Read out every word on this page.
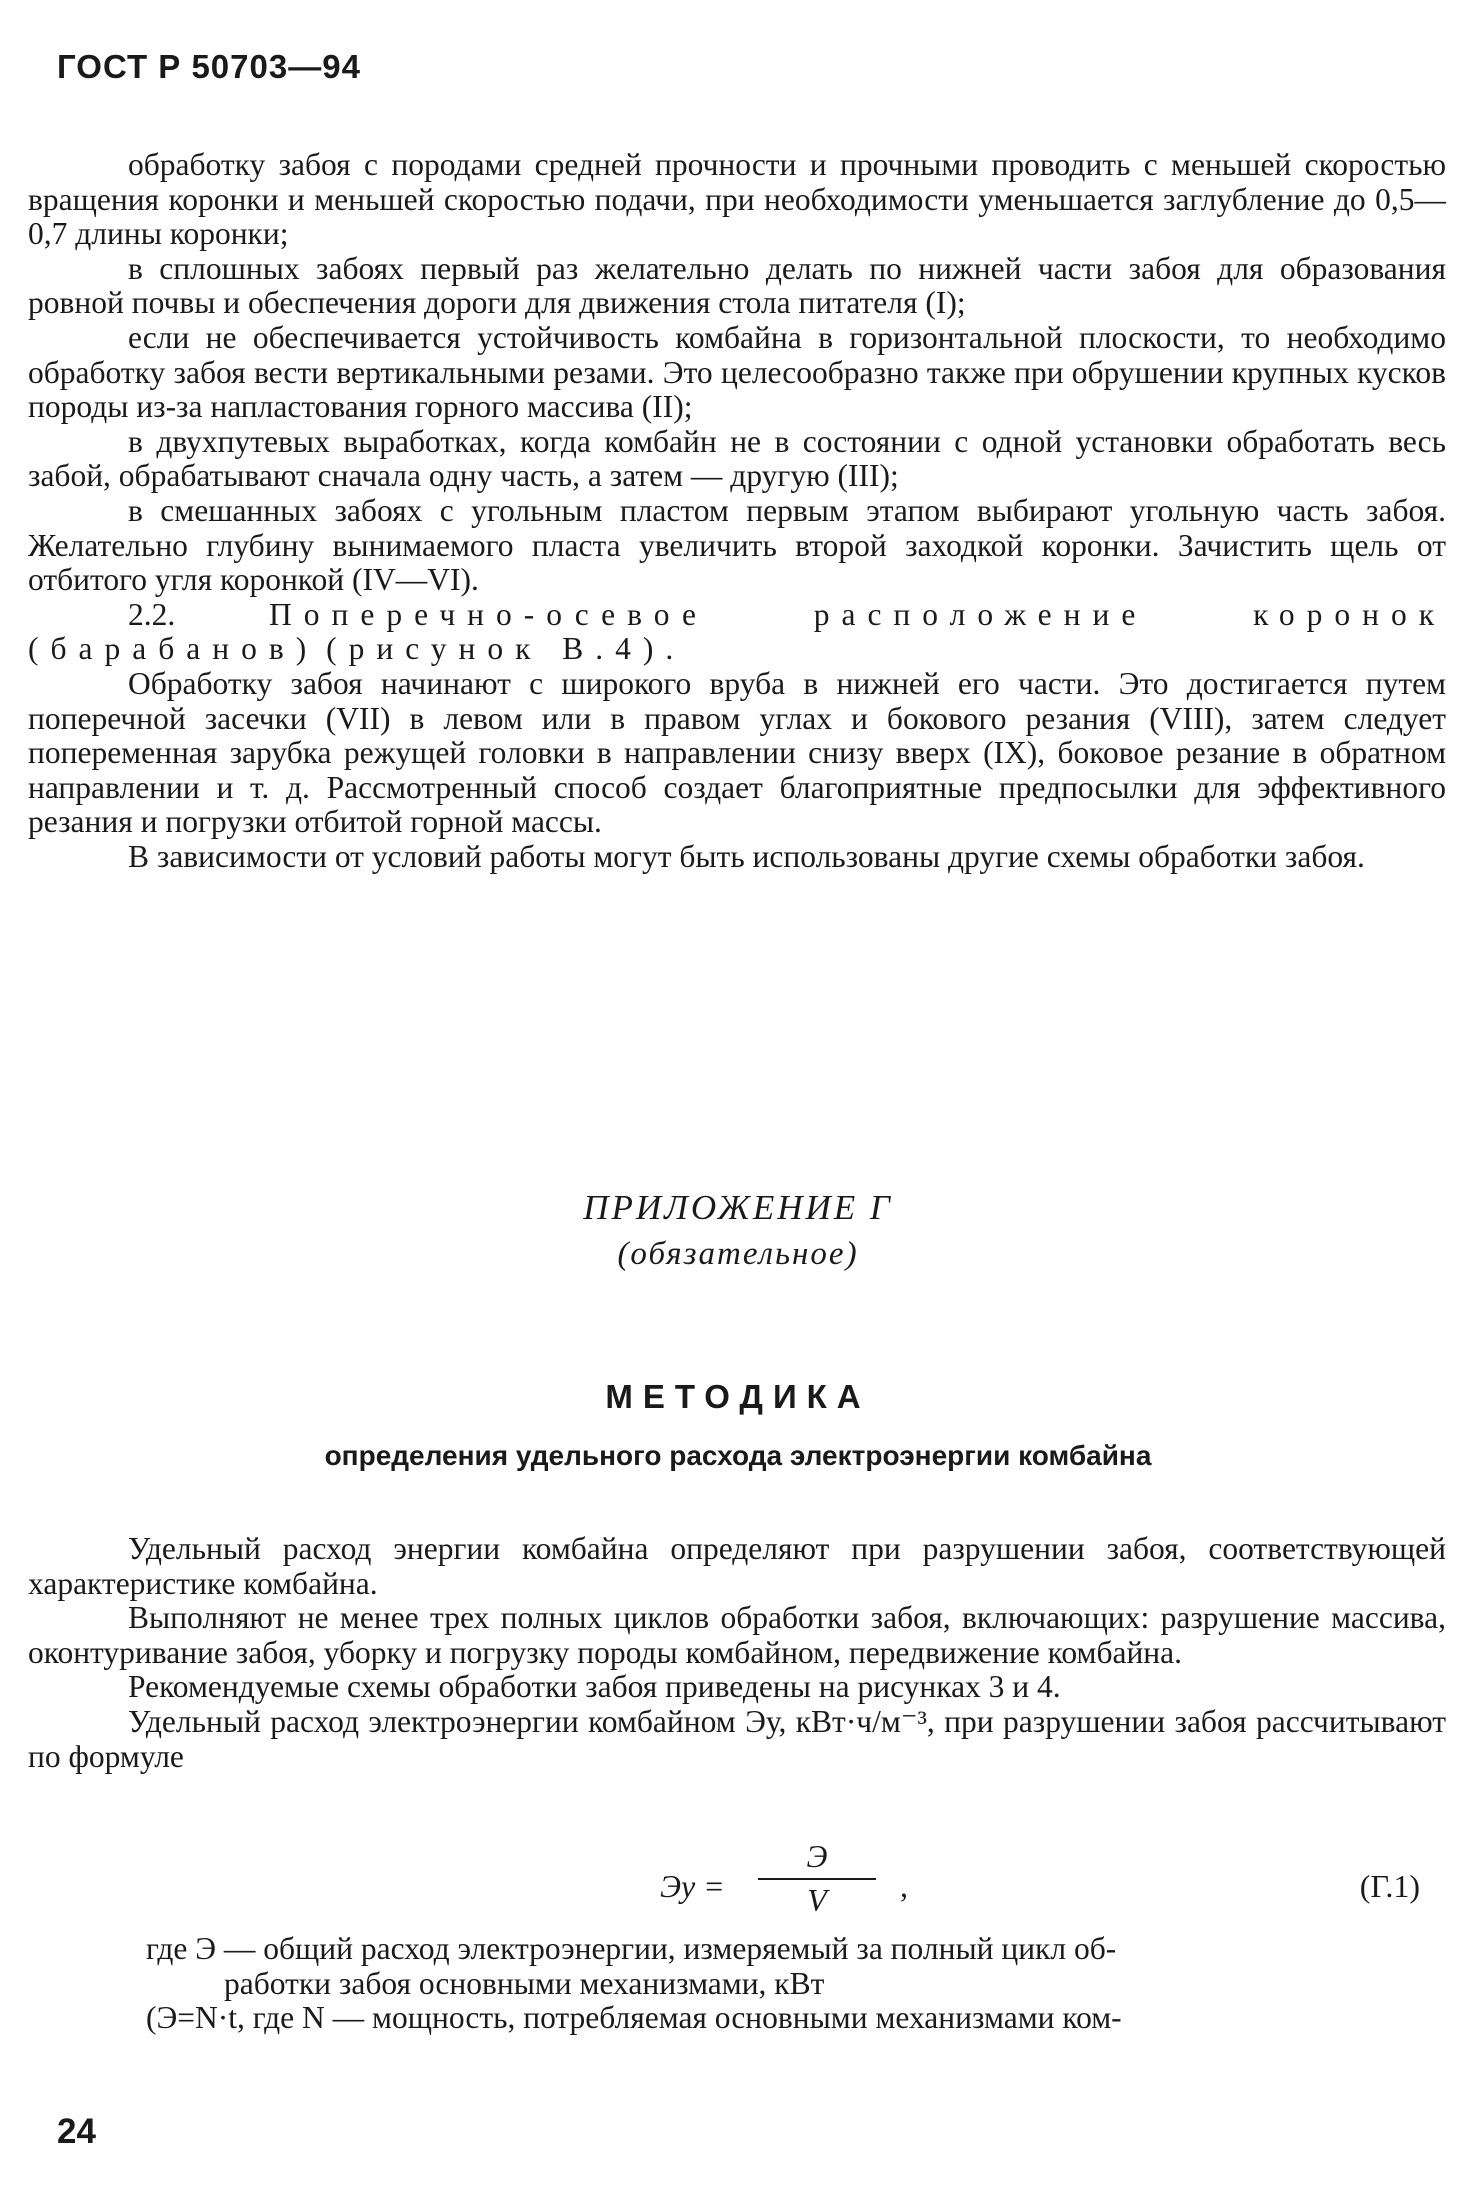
ГОСТ Р 50703—94

обработку забоя с породами средней прочности и прочными проводить с меньшей скоростью вращения коронки и меньшей скоростью подачи, при необходимости уменьшается заглубление до 0,5—0,7 длины коронки;

в сплошных забоях первый раз желательно делать по нижней части забоя для образования ровной почвы и обеспечения дороги для движения стола питателя (I);

если не обеспечивается устойчивость комбайна в горизонтальной плоскости, то необходимо обработку забоя вести вертикальными резами. Это целесообразно также при обрушении крупных кусков породы из-за напластования горного массива (II);

в двухпутевых выработках, когда комбайн не в состоянии с одной установки обработать весь забой, обрабатывают сначала одну часть, а затем — другую (III);

в смешанных забоях с угольным пластом первым этапом выбирают угольную часть забоя. Желательно глубину вынимаемого пласта увеличить второй заходкой коронки. Зачистить щель от отбитого угля коронкой (IV—VI).

2.2.	Поперечно-осевое расположение коронок (барабанов) (рисунок В.4).

Обработку забоя начинают с широкого вруба в нижней его части. Это достигается путем поперечной засечки (VII) в левом или в правом углах и бокового резания (VIII), затем следует попеременная зарубка режущей головки в направлении снизу вверх (IX), боковое резание в обратном направлении и т. д. Рассмотренный способ создает благоприятные предпосылки для эффективного резания и погрузки отбитой горной массы.

В зависимости от условий работы могут быть использованы другие схемы обработки забоя.

ПРИЛОЖЕНИЕ Г
(обязательное)
МЕТОДИКА
определения удельного расхода электроэнергии комбайна

Удельный расход энергии комбайна определяют при разрушении забоя, соответствующей характеристике комбайна.

Выполняют не менее трех полных циклов обработки забоя, включающих: разрушение массива, оконтуривание забоя, уборку и погрузку породы комбайном, передвижение комбайна.

Рекомендуемые схемы обработки забоя приведены на рисунках 3 и 4.

Удельный расход электроэнергии комбайном Эу, кВт·ч/м⁻³, при разрушении забоя рассчитывают по формуле

Эу =
Э
V	,	(Г.1)

где Э — общий расход электроэнергии, измеряемый за полный цикл об-

работки забоя основными механизмами, кВт

(Э=N·t, где N — мощность, потребляемая основными механизмами ком-

24
